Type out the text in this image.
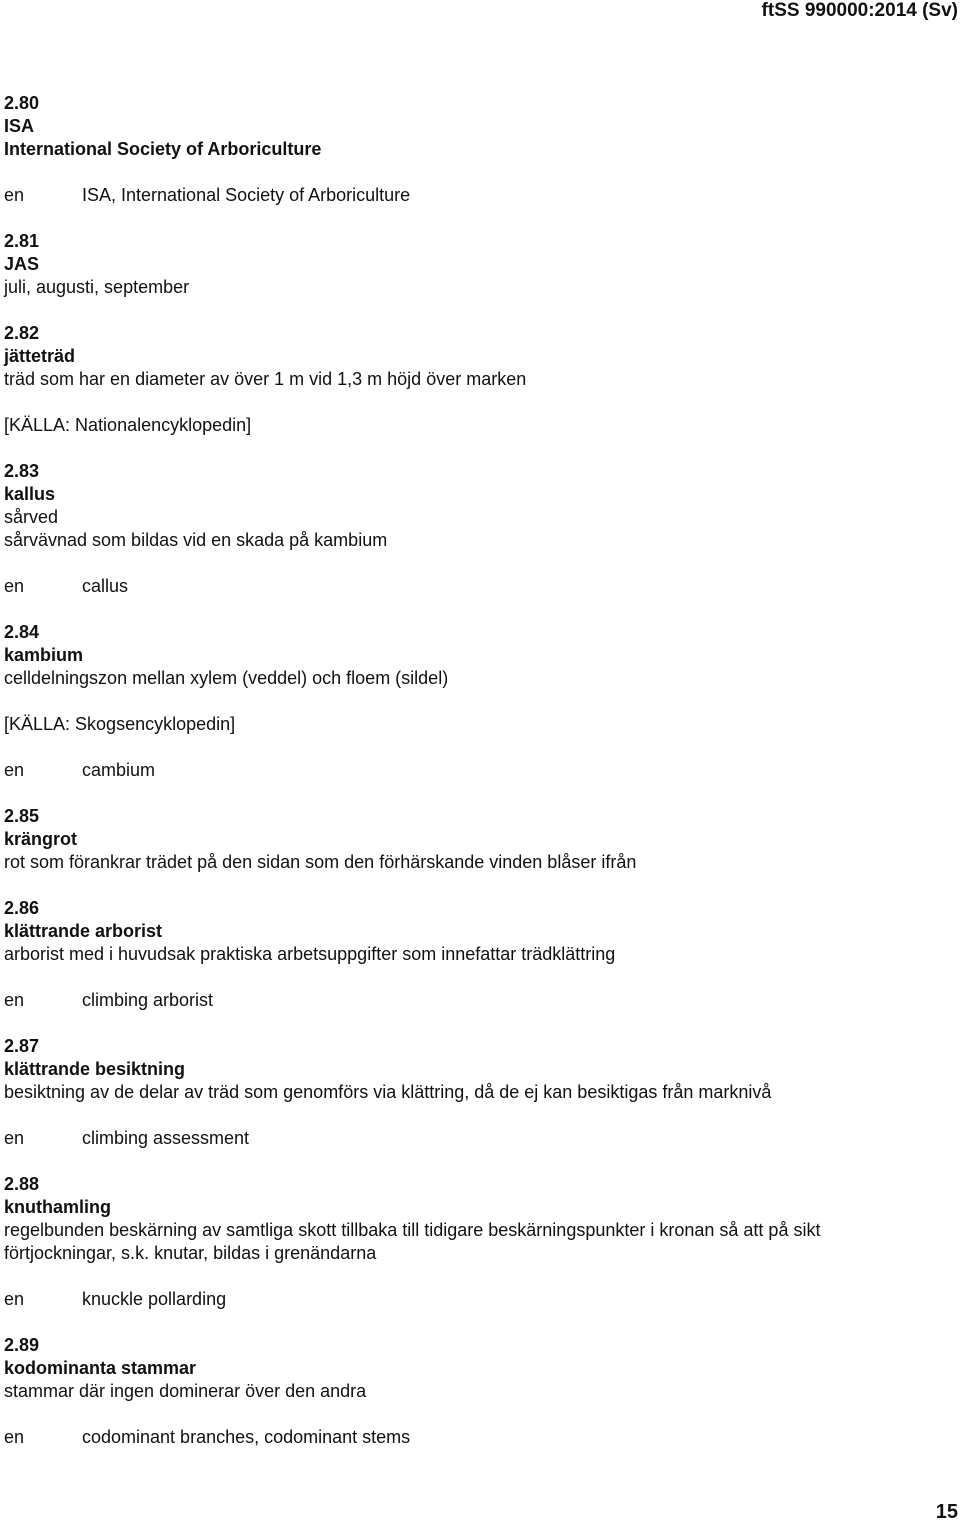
ftSS 990000:2014 (Sv)
2.80
ISA
International Society of Arboriculture
en	ISA, International Society of Arboriculture
2.81
JAS
juli, augusti, september
2.82
jätteträd
träd som har en diameter av över 1 m vid 1,3 m höjd över marken
[KÄLLA: Nationalencyklopedin]
2.83
kallus
sårved
sårvävnad som bildas vid en skada på kambium
en	callus
2.84
kambium
celldelningszon mellan xylem (veddel) och floem (sildel)
[KÄLLA: Skogsencyklopedin]
en	cambium
2.85
krängrot
rot som förankrar trädet på den sidan som den förhärskande vinden blåser ifrån
2.86
klättrande arborist
arborist med i huvudsak praktiska arbetsuppgifter som innefattar trädklättring
en	climbing arborist
2.87
klättrande besiktning
besiktning av de delar av träd som genomförs via klättring, då de ej kan besiktigas från marknivå
en	climbing assessment
2.88
knuthamling
regelbunden beskärning av samtliga skott tillbaka till tidigare beskärningspunkter i kronan så att på sikt
förtjockningar, s.k. knutar, bildas i grenändarna
en	knuckle pollarding
2.89
kodominanta stammar
stammar där ingen dominerar över den andra
en	codominant branches, codominant stems
15
